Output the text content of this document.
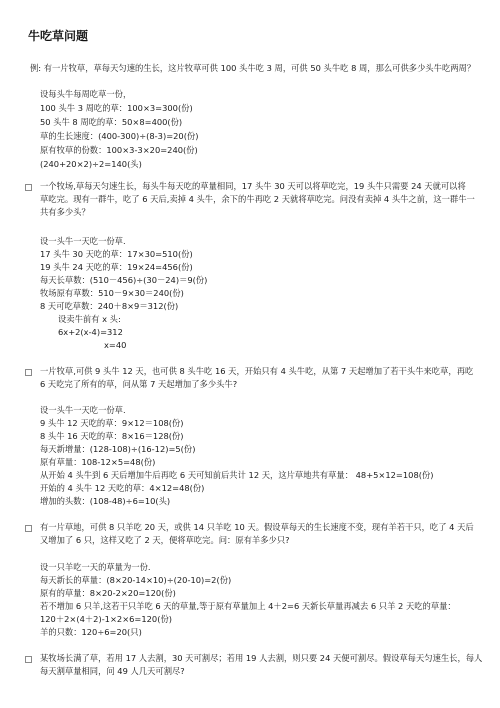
牛吃草问题
例: 有一片牧草，草每天匀速的生长，这片牧草可供 100 头牛吃 3 周，可供 50 头牛吃 8 周，那么可供多少头牛吃两周？
设每头牛每周吃草一份，
100 头牛 3 周吃的草：100×3=300(份)
50 头牛 8 周吃的草：50×8=400(份)
草的生长速度：(400-300)÷(8-3)=20(份)
原有牧草的份数：100×3-3×20=240(份)
(240+20×2)÷2=140(头)
一个牧场,草每天匀速生长，每头牛每天吃的草量相同，17 头牛 30 天可以将草吃完，19 头牛只需要 24 天就可以将
草吃完。现有一群牛，吃了 6 天后,卖掉 4 头牛，余下的牛再吃 2 天就将草吃完。问没有卖掉 4 头牛之前，这一群牛一
共有多少头？
设一头牛一天吃一份草.
17 头牛 30 天吃的草：17×30=510(份)
19 头牛 24 天吃的草：19×24=456(份)
每天长草数：(510－456)÷(30－24)＝9(份)
牧场原有草数：510－9×30＝240(份)
8 天可吃草数：240＋8×9＝312(份)
设卖牛前有 x 头:
6x+2(x-4)=312
x=40
一片牧草,可供 9 头牛 12 天，也可供 8 头牛吃 16 天，开始只有 4 头牛吃，从第 7 天起增加了若干头牛来吃草，再吃
6 天吃完了所有的草，问从第 7 天起增加了多少头牛?
设一头牛一天吃一份草.
9 头牛 12 天吃的草：9×12＝108(份)
8 头牛 16 天吃的草：8×16＝128(份)
每天新增量：(128-108)÷(16-12)=5(份)
原有草量：108-12×5=48(份)
从开始 4 头牛到 6 天后增加牛后再吃 6 天可知前后共计 12 天，这片草地共有草量： 48+5×12=108(份)
开始的 4 头牛 12 天吃的草：4×12=48(份)
增加的头数：(108-48)÷6=10(头)
有一片草地，可供 8 只羊吃 20 天，或供 14 只羊吃 10 天。假设草每天的生长速度不变，现有羊若干只，吃了 4 天后
又增加了 6 只，这样又吃了 2 天，便将草吃完。问：原有羊多少只?
设一只羊吃一天的草量为一份.
每天新长的草量：(8×20-14×10)÷(20-10)=2(份)
原有的草量：8×20-2×20=120(份)
若不增加 6 只羊,这若干只羊吃 6 天的草量,等于原有草量加上 4＋2=6 天新长草量再减去 6 只羊 2 天吃的草量：
120＋2×(4＋2)-1×2×6=120(份)
羊的只数：120÷6=20(只)
某牧场长满了草，若用 17 人去割，30 天可割尽；若用 19 人去割，则只要 24 天便可割尽。假设草每天匀速生长，每人
每天割草量相同，问 49 人几天可割尽?
